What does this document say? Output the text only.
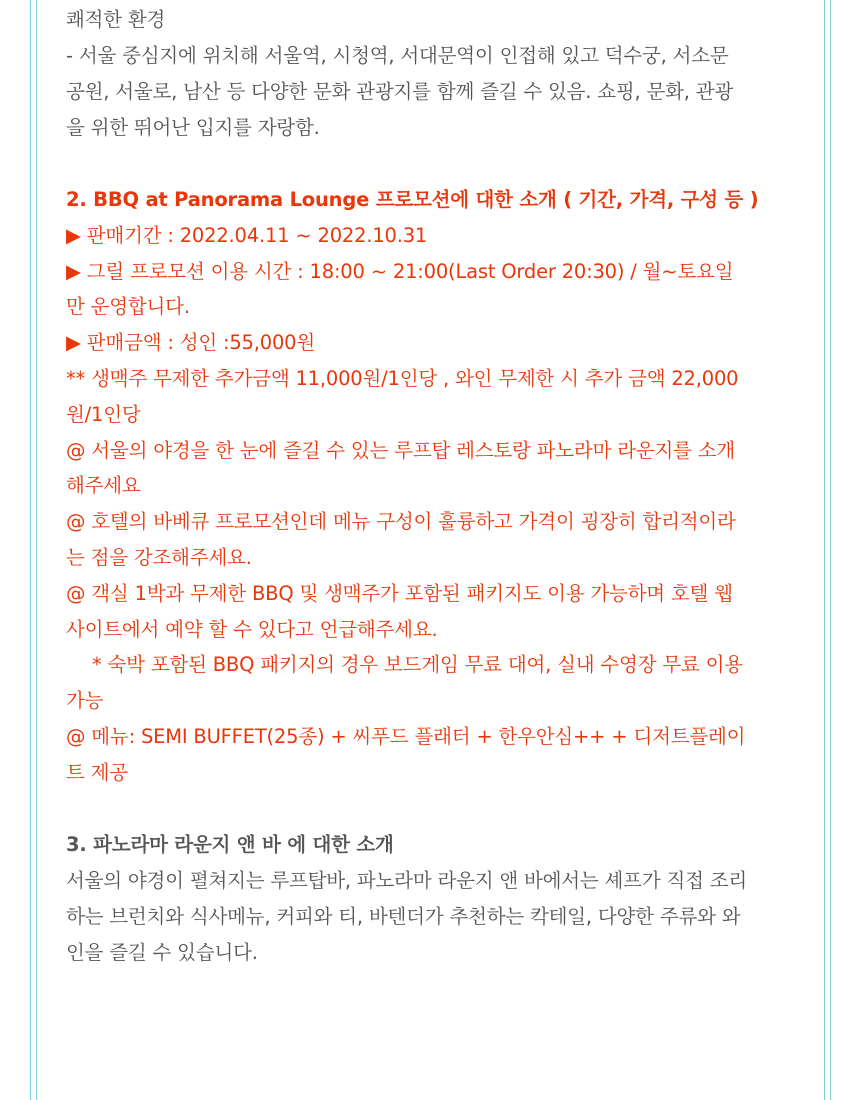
쾌적한 환경

- 서울 중심지에 위치해 서울역, 시청역, 서대문역이 인접해 있고 덕수궁, 서소문

공원, 서울로, 남산 등 다양한 문화 관광지를 함께 즐길 수 있음. 쇼핑, 문화, 관광

을 위한 뛰어난 입지를 자랑함.

2. BBQ at Panorama Lounge 프로모션에 대한 소개 ( 기간, 가격, 구성 등 )

▶ 판매기간 : 2022.04.11 ~ 2022.10.31

▶ 그릴 프로모션 이용 시간 : 18:00 ~ 21:00(Last Order 20:30) / 월~토요일

만 운영합니다.

▶ 판매금액 : 성인 :55,000원

** 생맥주 무제한 추가금액 11,000원/1인당 , 와인 무제한 시 추가 금액 22,000

원/1인당

@ 서울의 야경을 한 눈에 즐길 수 있는 루프탑 레스토랑 파노라마 라운지를 소개

해주세요

@ 호텔의 바베큐 프로모션인데 메뉴 구성이 훌륭하고 가격이 굉장히 합리적이라

는 점을 강조해주세요.

@ 객실 1박과 무제한 BBQ 및 생맥주가 포함된 패키지도 이용 가능하며 호텔 웹

사이트에서 예약 할 수 있다고 언급해주세요.

* 숙박 포함된 BBQ 패키지의 경우 보드게임 무료 대여, 실내 수영장 무료 이용

가능

@ 메뉴: SEMI BUFFET(25종) + 씨푸드 플래터 + 한우안심++ + 디저트플레이

트 제공

3. 파노라마 라운지 앤 바 에 대한 소개

서울의 야경이 펼쳐지는 루프탑바, 파노라마 라운지 앤 바에서는 셰프가 직접 조리

하는 브런치와 식사메뉴, 커피와 티, 바텐더가 추천하는 칵테일, 다양한 주류와 와

인을 즐길 수 있습니다.
